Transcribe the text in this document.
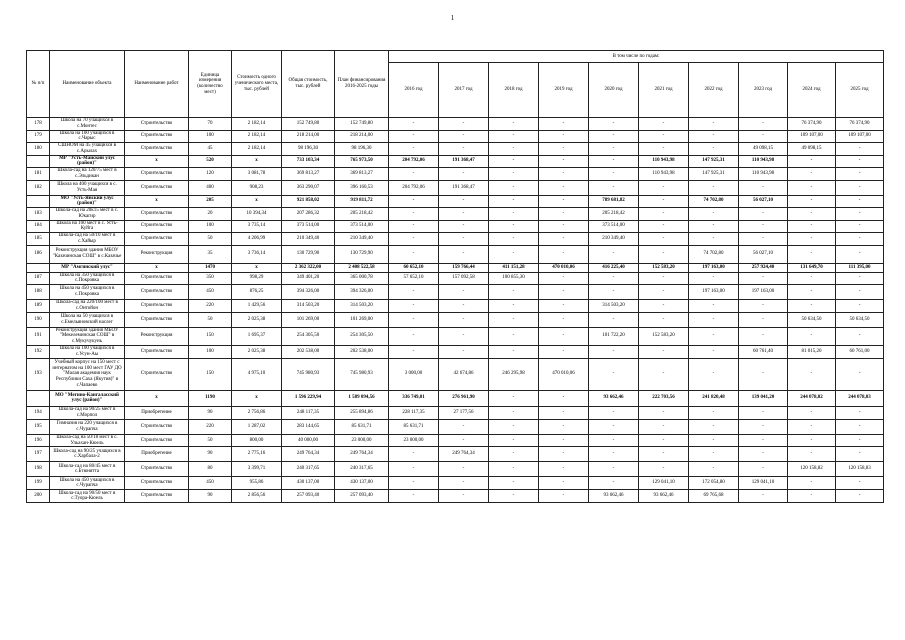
1
№ п/п	Наименование объекта	Наименование работ	Единица измерения (количество мест)	Стоимость одного ученического места, тыс. рублей	Общая стоимость, тыс. рублей	План финансирования 2016-2025 годы	В том числе по годам:									
							2016 год	2017 год	2018 год	2019 год	2020 год	2021 год	2022 год	2023 год	2024 год	2025 год
178	Школа на 70 учащихся в с.Монтес	Строительство	70	2 182,14	152 749,80	152 749,80	-	-	-	-	-	-	-	-	76 374,90	76 374,90
179	Школа на 100 учащихся в с.Чарыс	Строительство	100	2 182,14	218 214,00	218 214,00	-	-	-	-	-	-	-	-	109 107,00	109 107,00
180	СШНОМ на 45 учащихся в с.Арылах	Строительство	45	2 182,14	98 196,30	98 196,30	-	-	-	-	-	-	-	49 098,15	49 098,15	-
	МР "Усть-Майский улус (район)"	х	520	х	733 103,34	765 973,50	204 792,06	191 368,47	-	-	-	110 943,98	147 925,31	110 943,98	-	-
181	Школа-сад на 120/75 мест в с.Эльдикан	Строительство	120	3 081,78	369 813,27	369 813,27	-	-	-	-	-	110 943,98	147 925,31	110 943,98	-	-
182	Школа на 400 учащихся в с. Усть-Мая	Строительство	400	908,23	363 290,07	396 160,53	204 792,06	191 368,47	-	-	-	-	-	-	-	-
	МО "Усть-Янский улус (район)"	х	205	х	921 858,02	919 811,72	-	-	-	-	789 681,82	-	74 702,80	56 027,10	-	-
183	Школа-сад на 20к15 мест в с. Юкагир	Строительство	20	10 394,34	207 286,32	205 218,42	-	-	-	-	205 218,42	-	-	-	-	-
184	Школа на 100 мест в с. Усть-Куйга	Строительство	100	3 735,14	373 514,00	373 514,00	-	-	-	-	373 514,00	-	-	-	-	-
185	Школа-сад на 50/10 мест в с.Хайыр	Строительство	50	4 206,99	210 349,40	210 349,40	-	-	-	-	210 349,40	-	-	-	-	-
186	Реконструкция здания МБОУ "Казачинская СОШ" в с.Казачье	Реконструкция	35	3 736,14	130 729,90	130 729,90	-	-	-	-	-	-	74 702,80	56 027,10	-	-
	МР "Амгинский улус"	х	1470	х	2 362 322,00	2 408 522,58	60 652,10	159 766,44	411 151,28	470 010,06	416 225,40	152 583,20	197 163,00	257 924,40	131 649,70	111 395,00
187	Школа на 350 учащихся в с.Покровка	Строительство	350	998,29	349 401,20	365 000,78	57 652,10	157 092,58	100 855,30	-	-	-	-	-	-	-
188	Школа на 450 учащихся в с.Покровка	Строительство	450	876,25	394 326,00	394 326,00	-	-	-	-	-	-	197 163,00	197 163,00	-	-
189	Школа-сад на 220/100 мест в с.Онтойон	Строительство	220	1 429,56	314 503,20	314 503,20	-	-	-	-	314 503,20	-	-	-	-	-
190	Школа на 50 учащихся в с.Емельяновский наслег	Строительство	50	2 025,38	101 269,00	101 269,00	-	-	-	-	-	-	-	-	50 634,50	50 634,50
191	Реконструкция здания МБОУ "Мекелеминская СОШ" в с.Мукучукунь	Реконструкция	150	1 695,37	254 305,50	254 305,50	-	-	-	-	101 722,20	152 583,20	-	-	-	-
192	Школа на 100 учащихся в с.Усун-Аы	Строительство	100	2 025,38	202 538,00	202 538,00	-	-	-	-	-	-	-	60 761,40	81 015,20	60 761,00
193	Учебный корпус на 150 мест с интернатом на 100 мест ГАУ ДО "Малая академия наук Республики Саха (Якутия)" в с.Чапаево	Строительство	150	4 975,10	745 980,93	745 980,93	3 000,00	42 674,86	246 295,98	470 010,06	-	-	-	-	-	-
	МО "Мегино-Кангаласский улус (район)"	х	1190	х	1 596 229,94	1 589 094,56	336 749,01	276 961,90	-	-	93 662,46	222 703,56	241 820,48	139 041,20	244 078,02	244 078,03
194	Школа-сад на 90/25 мест в с.Морпол	Приобретение	90	2 756,86	248 117,35	255 894,86	228 117,35	27 177,56	-	-	-	-	-	-	-	-
195	Гимназия на 220 учащихся в с.Чурапча	Строительство	220	1 287,02	283 144,65	85 631,71	85 631,71	-	-	-	-	-	-	-	-	-
196	Школа-сад на 50/18 мест в с. Ульахан-Кюель	Строительство	50	800,00	40 000,00	23 000,00	23 000,00	-	-	-	-	-	-	-	-	-
197	Школа-сад на 90/25 учащихся в с.Харбала-2	Приобретение	90	2 775,16	249 764,34	249 764,34	-	249 764,34	-	-	-	-	-	-	-	-
198	Школа-сад на 80/45 мест в с.Бтюнятта	Строительство	80	3 399,71	240 317,65	240 317,65	-	-	-	-	-	-	-	-	120 158,82	120 158,83
199	Школа на 450 учащихся в с.Чурапча	Строительство	450	955,86	430 137,00	430 137,00	-	-	-	-	-	129 041,10	172 054,80	129 041,10	-	-
200	Школа-сад на 90/50 мест в с.Туора-Кюель	Строительство	90	2 856,56	257 093,40	257 093,40	-	-	-	-	93 662,46	93 662,46	69 765,68	-	-	-
